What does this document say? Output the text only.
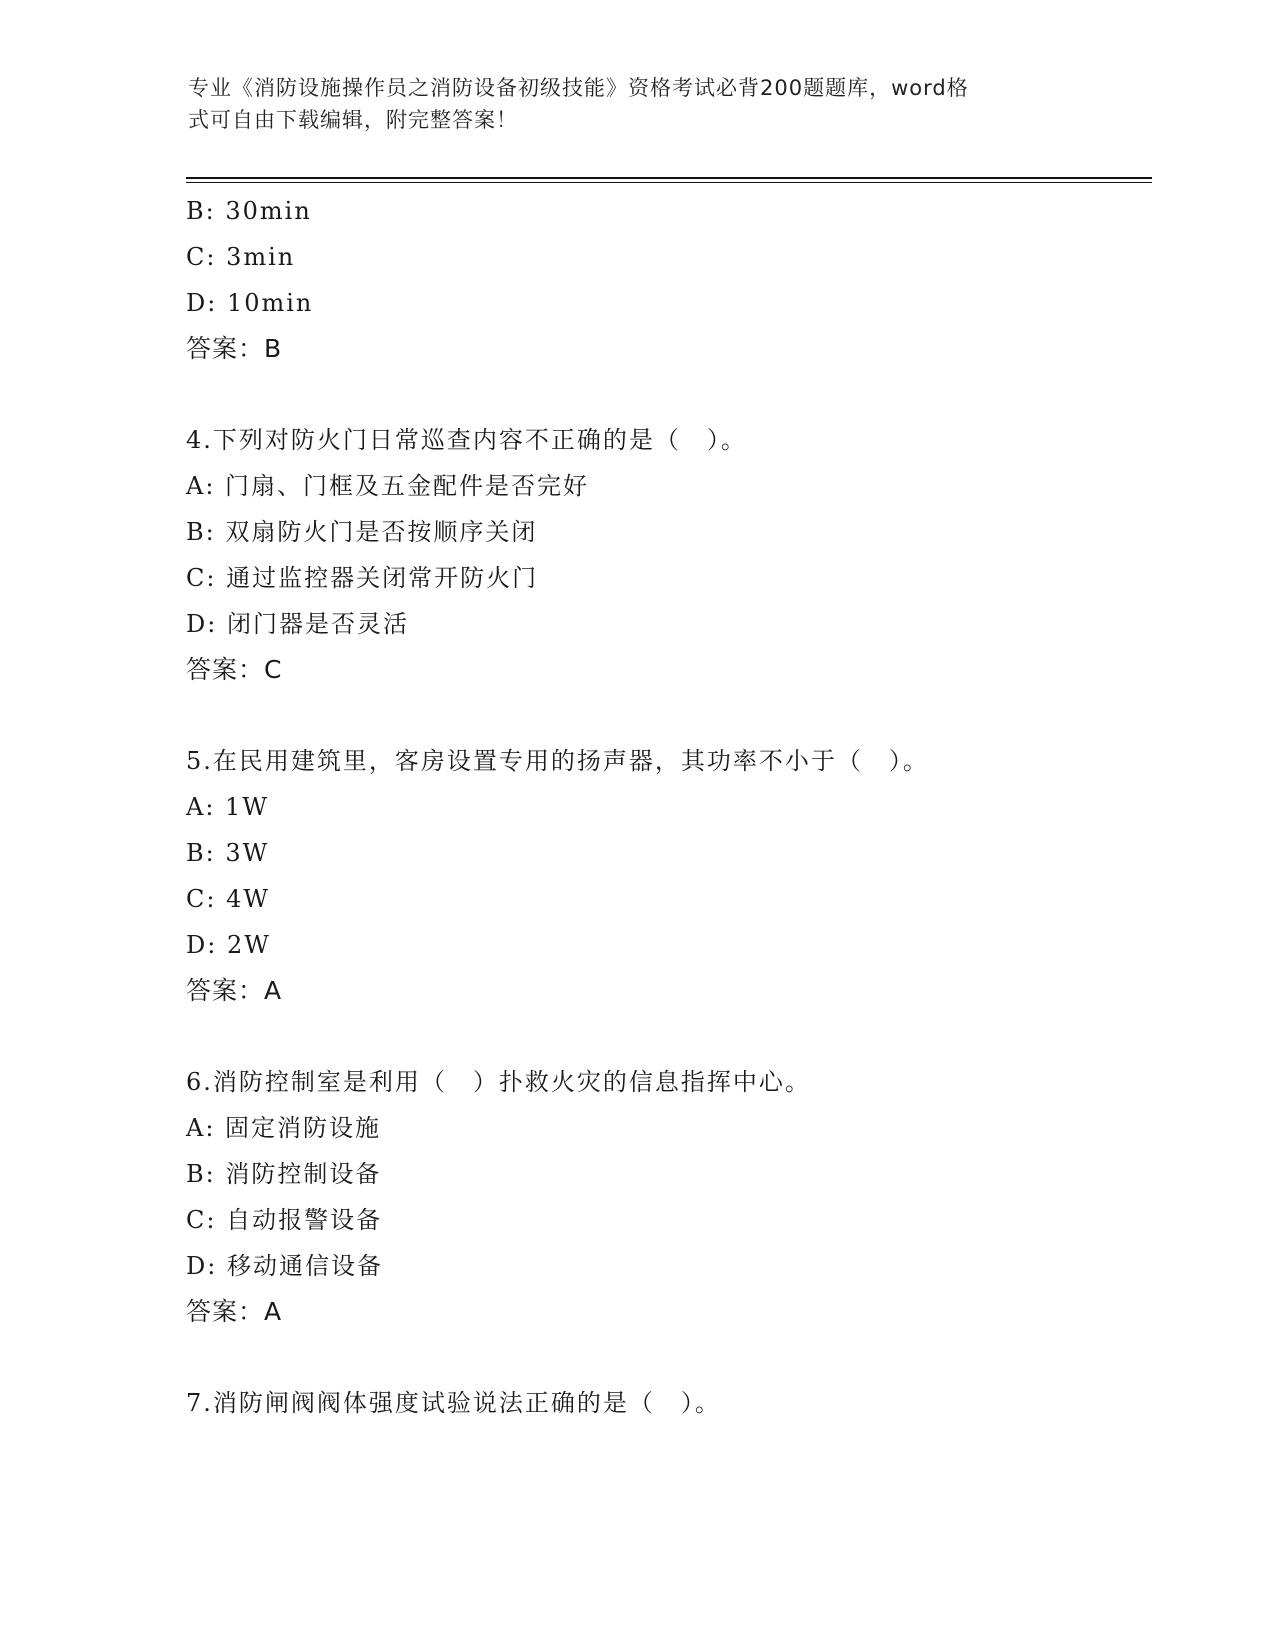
专业《消防设施操作员之消防设备初级技能》资格考试必背200题题库，word格
式可自由下载编辑，附完整答案！
B: 30min
C: 3min
D: 10min
答案：B
4.下列对防火门日常巡查内容不正确的是（　）。
A: 门扇、门框及五金配件是否完好
B: 双扇防火门是否按顺序关闭
C: 通过监控器关闭常开防火门
D: 闭门器是否灵活
答案：C
5.在民用建筑里，客房设置专用的扬声器，其功率不小于（　）。
A: 1W
B: 3W
C: 4W
D: 2W
答案：A
6.消防控制室是利用（　）扑救火灾的信息指挥中心。
A: 固定消防设施
B: 消防控制设备
C: 自动报警设备
D: 移动通信设备
答案：A
7.消防闸阀阀体强度试验说法正确的是（　）。
